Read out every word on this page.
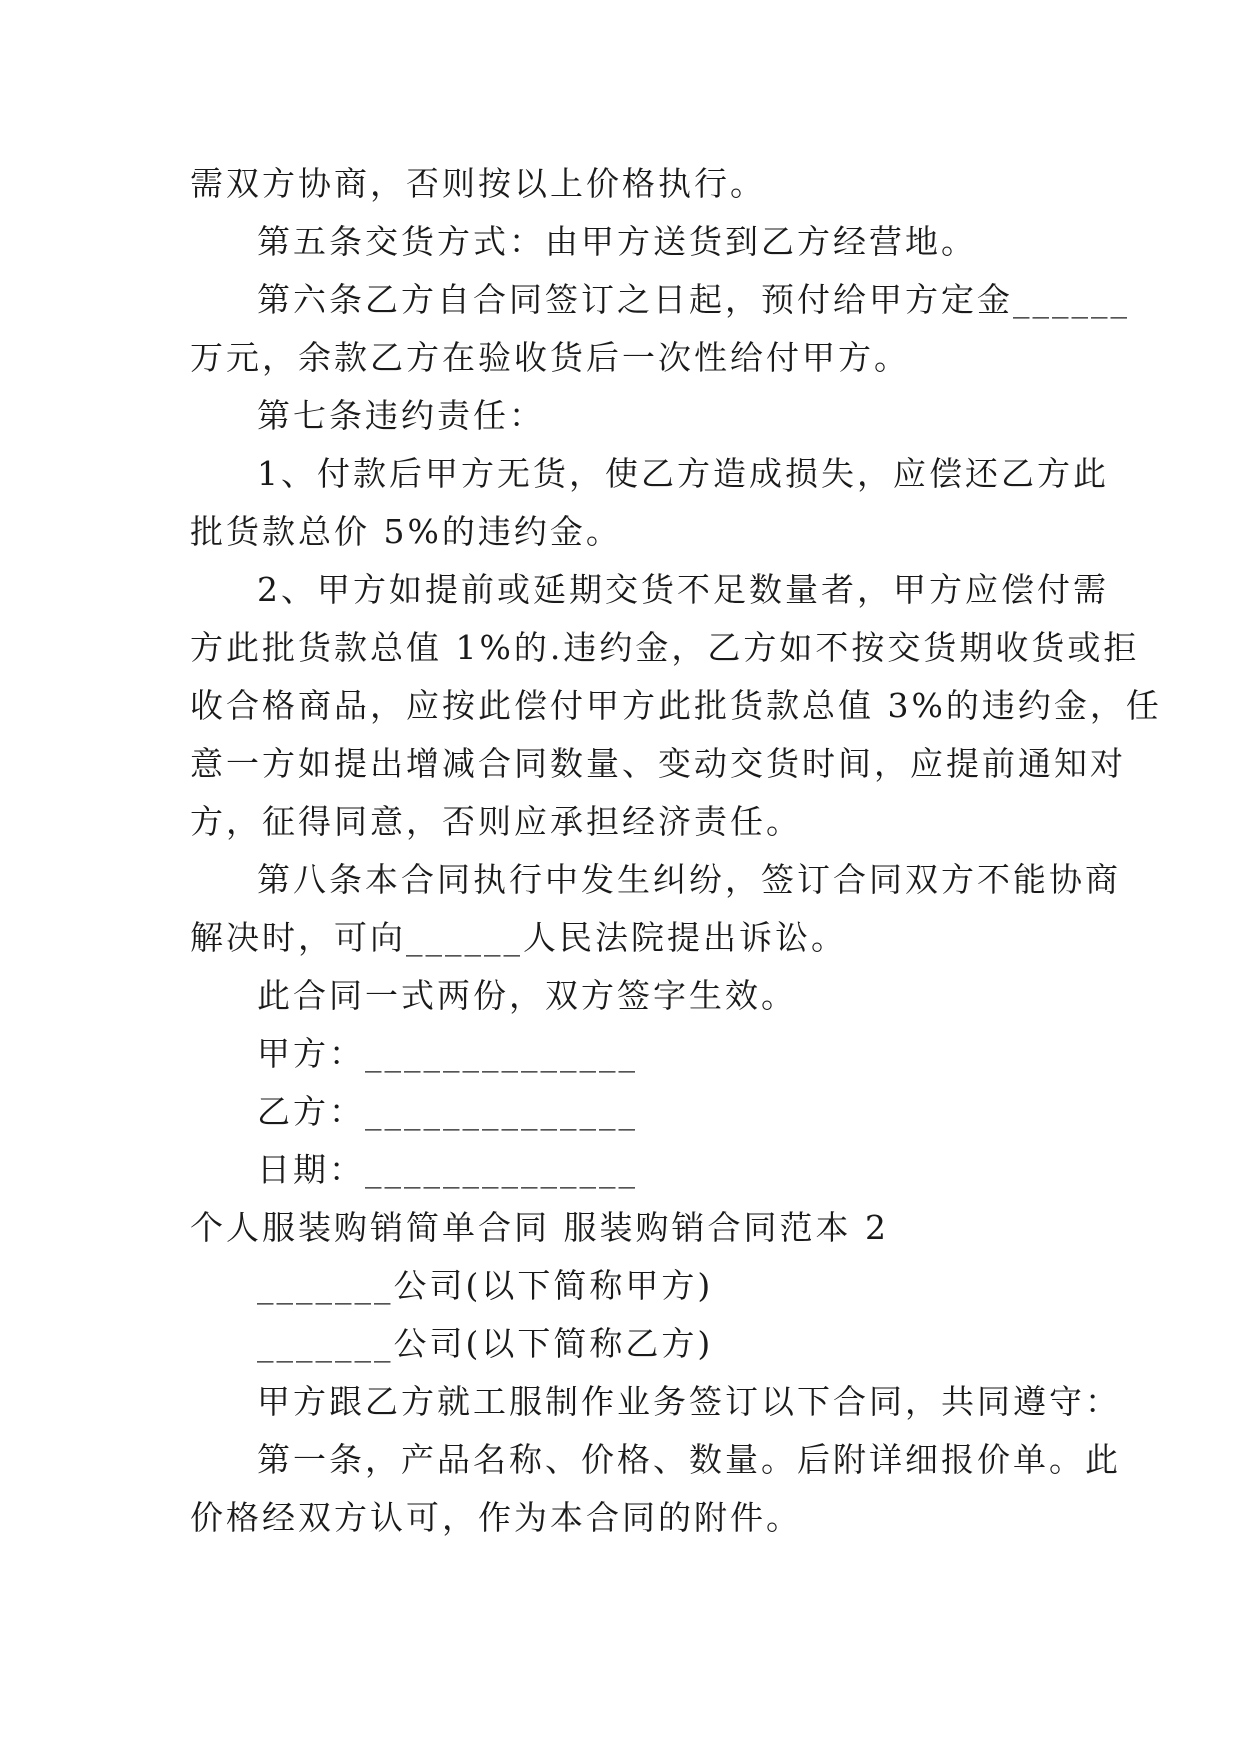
需双方协商，否则按以上价格执行。
第五条交货方式：由甲方送货到乙方经营地。
第六条乙方自合同签订之日起，预付给甲方定金______
万元，余款乙方在验收货后一次性给付甲方。
第七条违约责任：
1、付款后甲方无货，使乙方造成损失，应偿还乙方此
批货款总价 5%的违约金。
2、甲方如提前或延期交货不足数量者，甲方应偿付需
方此批货款总值 1%的.违约金，乙方如不按交货期收货或拒
收合格商品，应按此偿付甲方此批货款总值 3%的违约金，任
意一方如提出增减合同数量、变动交货时间，应提前通知对
方，征得同意，否则应承担经济责任。
第八条本合同执行中发生纠纷，签订合同双方不能协商
解决时，可向______人民法院提出诉讼。
此合同一式两份，双方签字生效。
甲方：______________
乙方：______________
日期：______________
个人服装购销简单合同 服装购销合同范本 2
_______公司(以下简称甲方)
_______公司(以下简称乙方)
甲方跟乙方就工服制作业务签订以下合同，共同遵守：
第一条，产品名称、价格、数量。后附详细报价单。此
价格经双方认可，作为本合同的附件。
